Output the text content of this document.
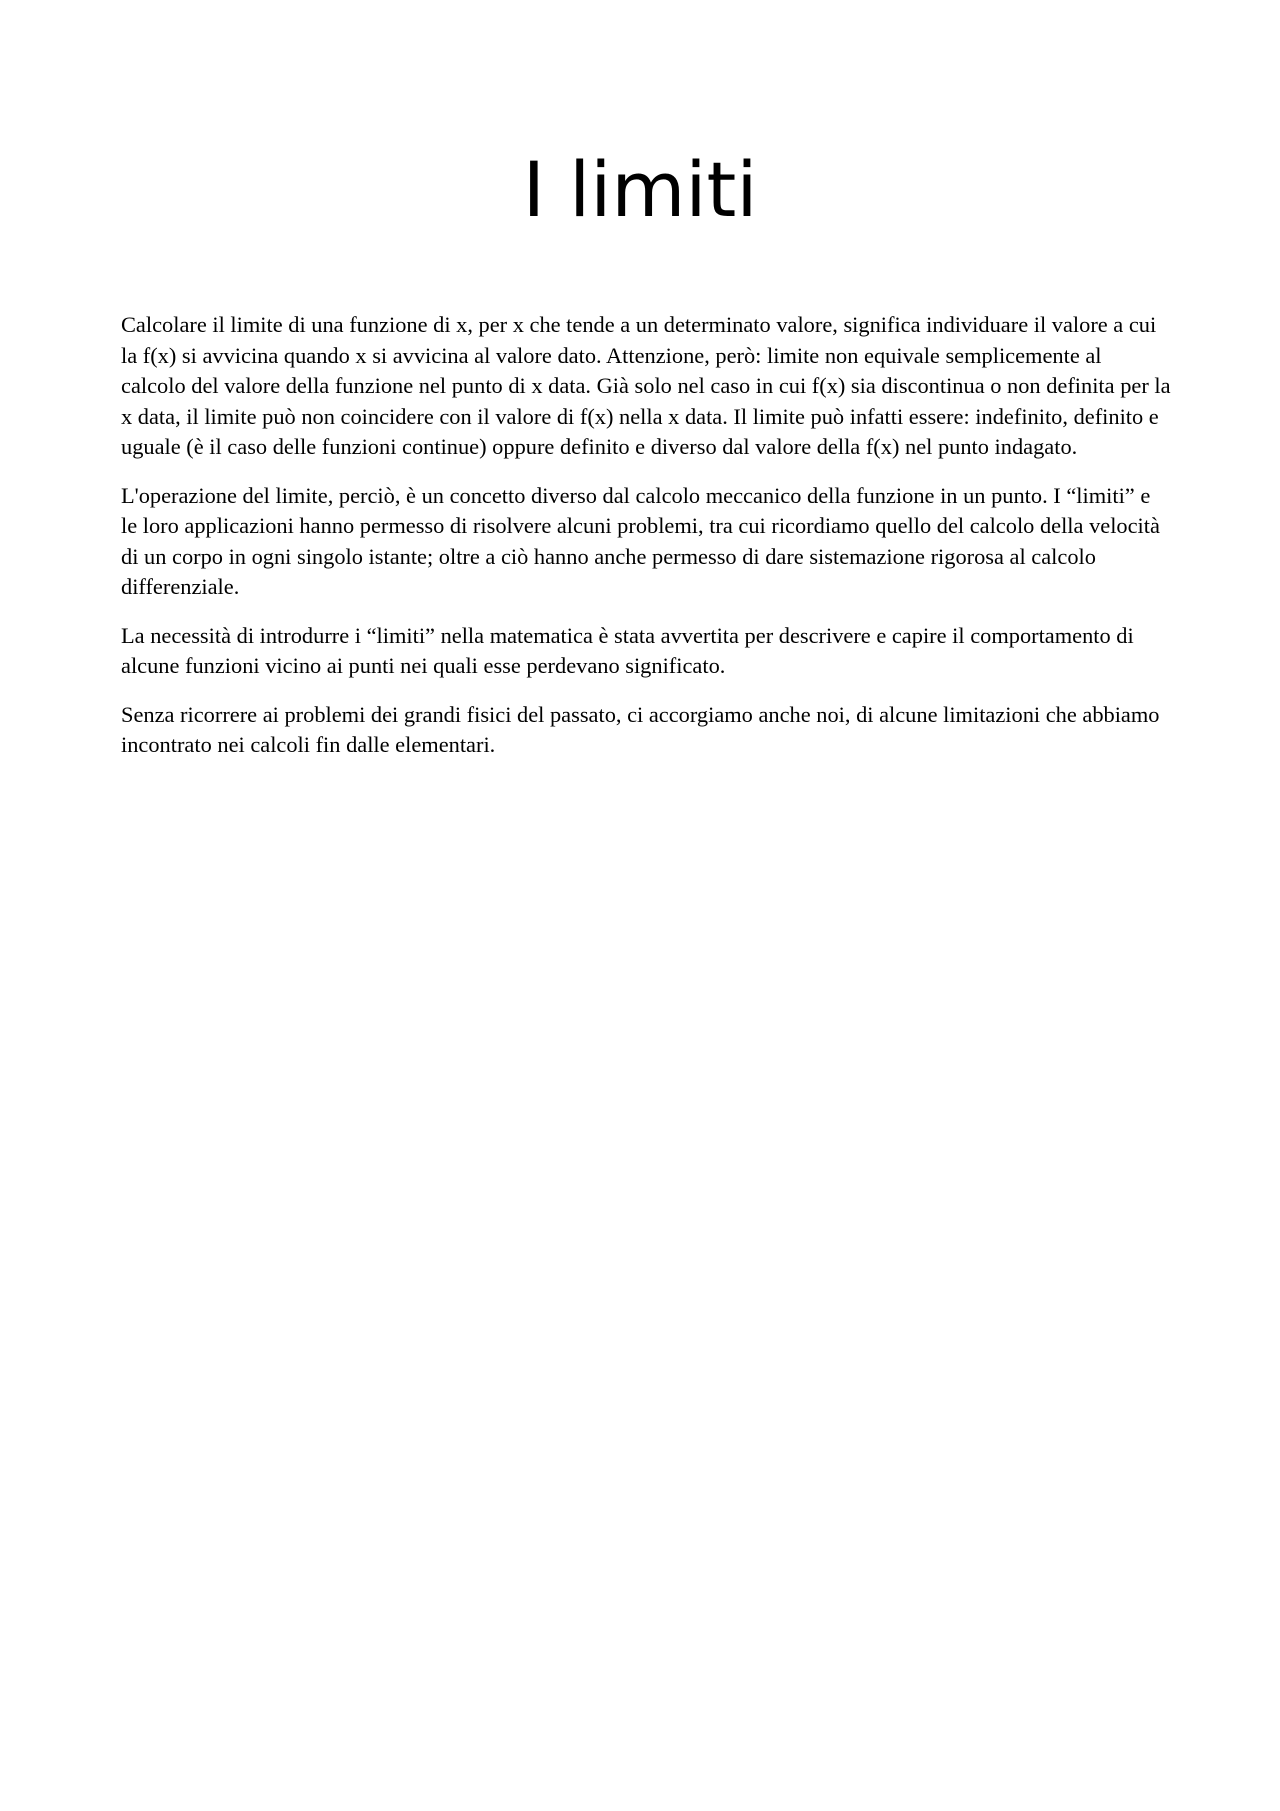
I limiti

Calcolare il limite di una funzione di x, per x che tende a un determinato valore, significa individuare il valore a cui la f(x) si avvicina quando x si avvicina al valore dato. Attenzione, però: limite non equivale semplicemente al calcolo del valore della funzione nel punto di x data. Già solo nel caso in cui f(x) sia discontinua o non definita per la x data, il limite può non coincidere con il valore di f(x) nella x data. Il limite può infatti essere: indefinito, definito e uguale (è il caso delle funzioni continue) oppure definito e diverso dal valore della f(x) nel punto indagato.

L'operazione del limite, perciò, è un concetto diverso dal calcolo meccanico della funzione in un punto. I “limiti” e le loro applicazioni hanno permesso di risolvere alcuni problemi, tra cui ricordiamo quello del calcolo della velocità di un corpo in ogni singolo istante; oltre a ciò hanno anche permesso di dare sistemazione rigorosa al calcolo differenziale.

La necessità di introdurre i “limiti” nella matematica è stata avvertita per descrivere e capire il comportamento di alcune funzioni vicino ai punti nei quali esse perdevano significato.

Senza ricorrere ai problemi dei grandi fisici del passato, ci accorgiamo anche noi, di alcune limitazioni che abbiamo incontrato nei calcoli fin dalle elementari.
